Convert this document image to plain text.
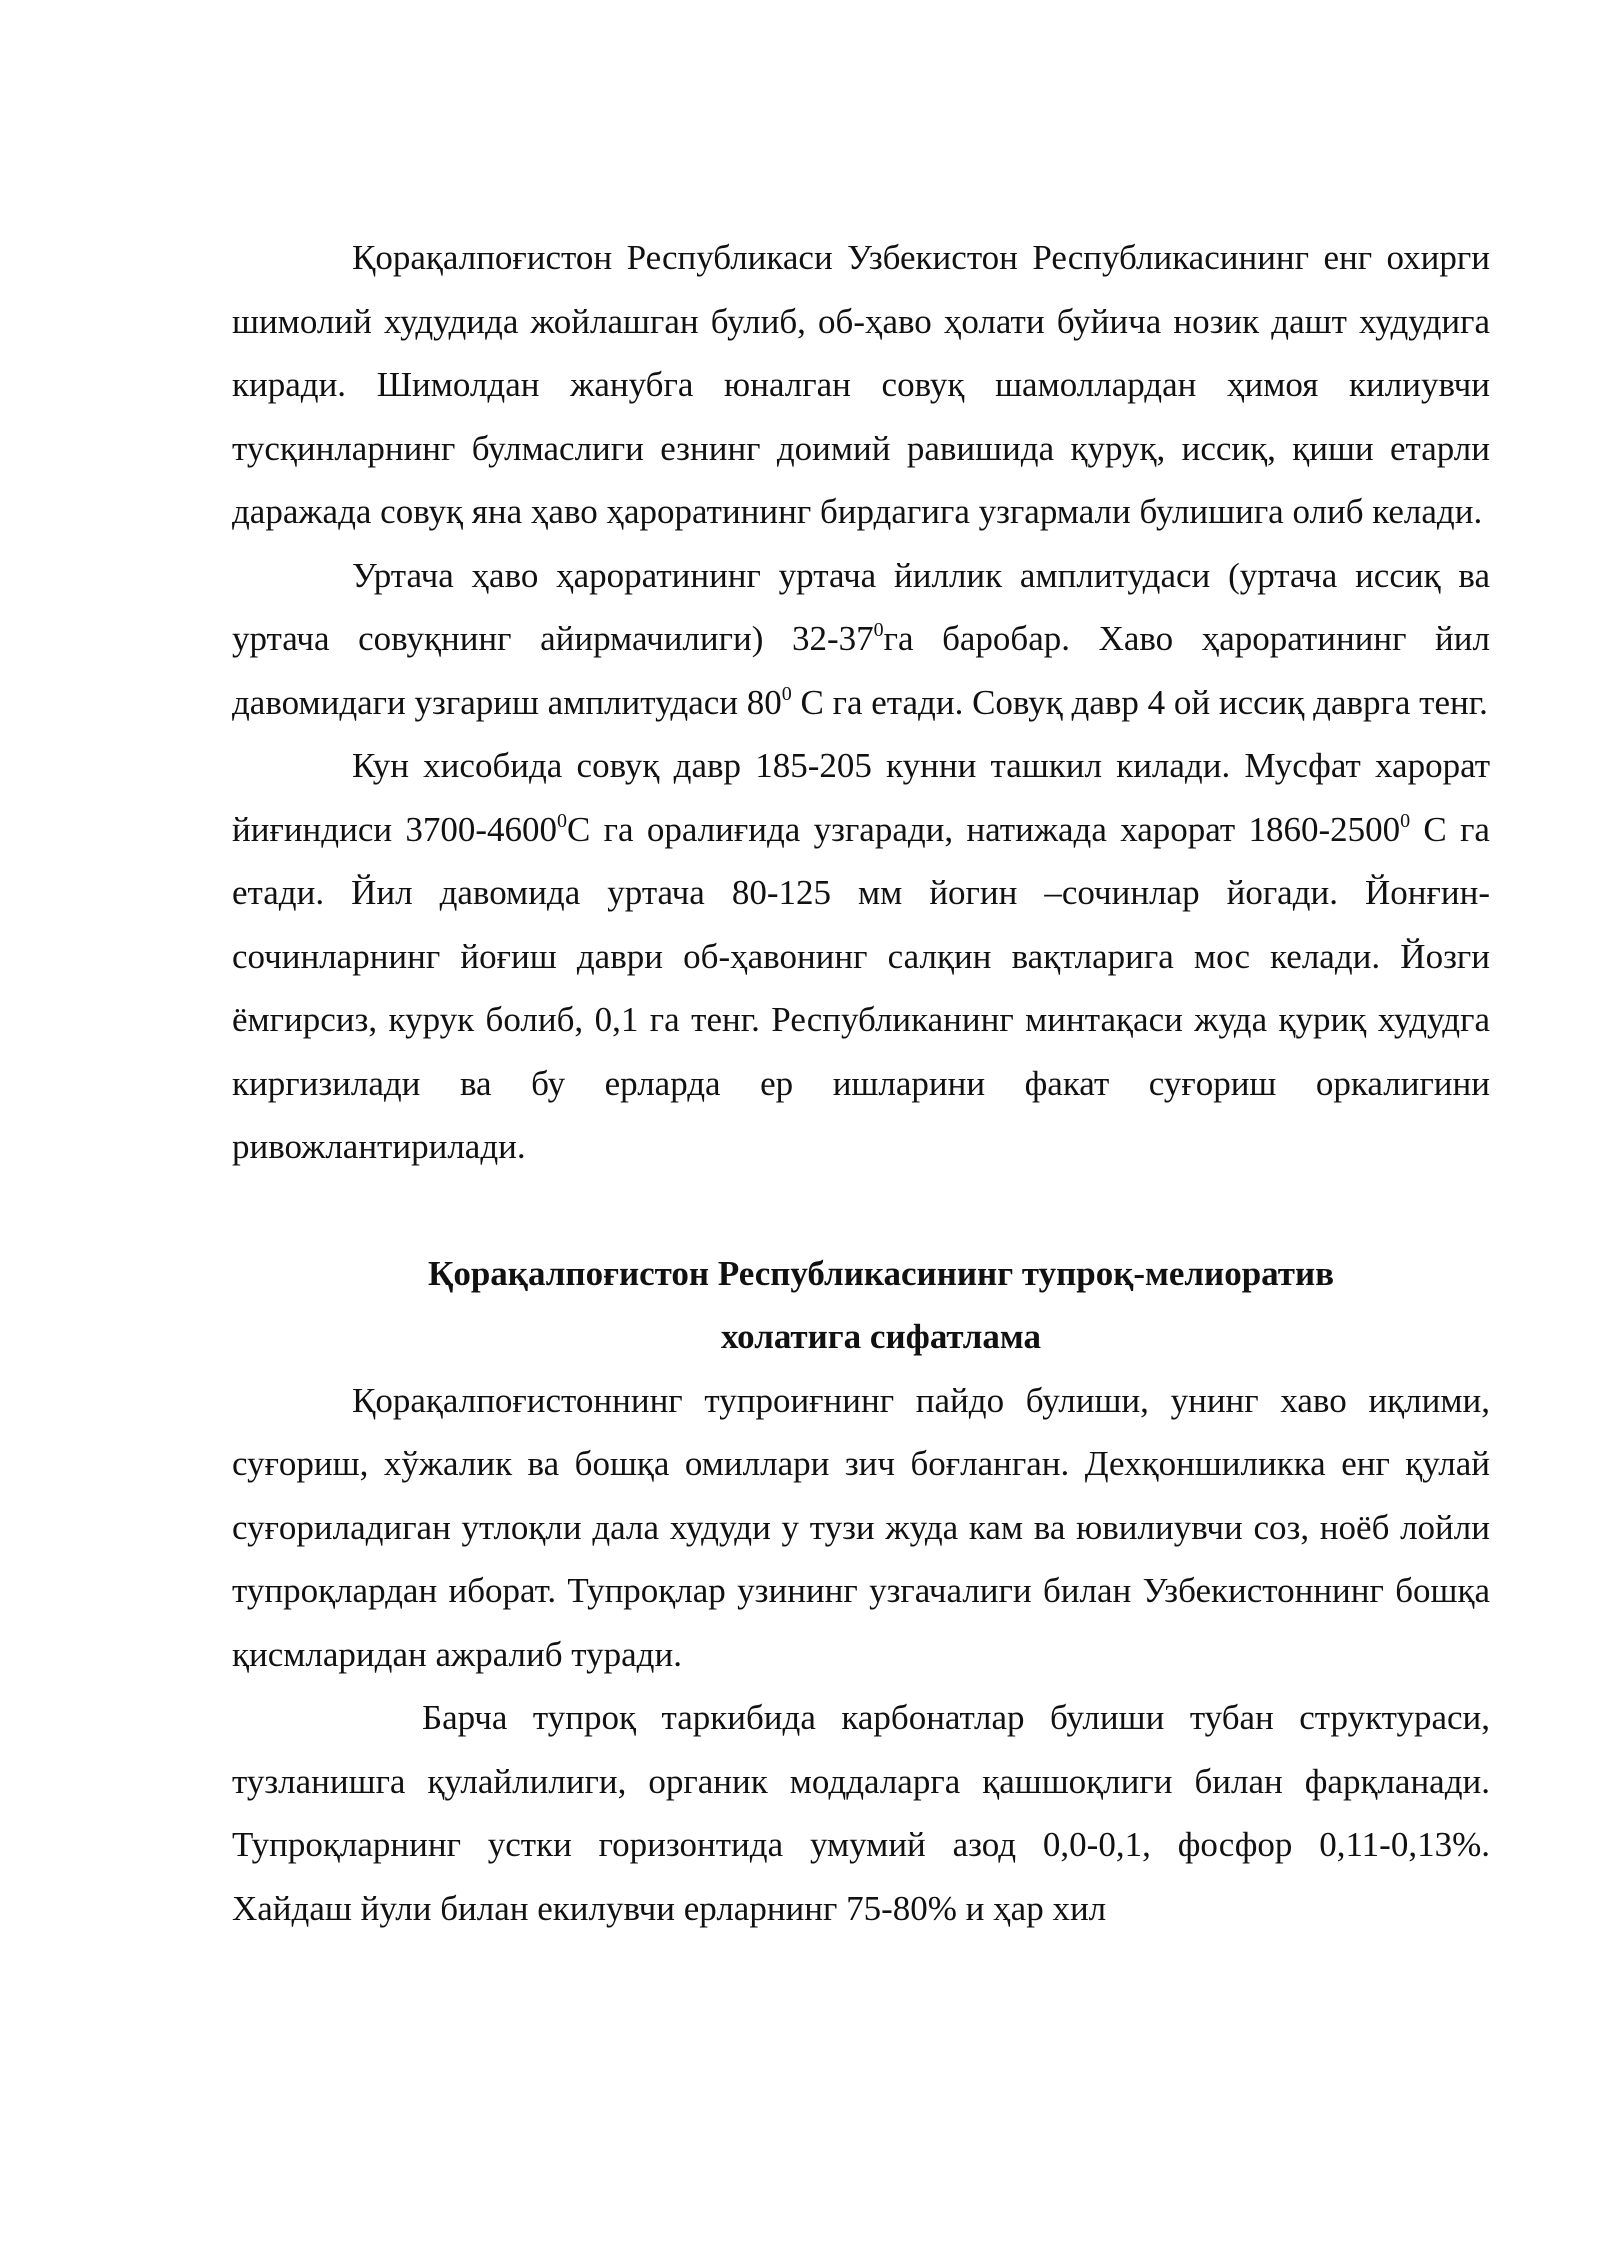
Қорақалпоғистон Республикаси Узбекистон Республикасининг енг охирги шимолий худудида жойлашган булиб, об-ҳаво ҳолати буйича нозик дашт худудига киради. Шимолдан жанубга юналган совуқ шамоллардан ҳимоя килиувчи тусқинларнинг булмаслиги езнинг доимий равишида қуруқ, иссиқ, қиши етарли даражада совуқ яна ҳаво ҳароратининг бирдагига узгармали булишига олиб келади.

Уртача ҳаво ҳароратининг уртача йиллик амплитудаси (уртача иссиқ ва уртача совуқнинг айирмачилиги) $32-37^0га$ баробар. Хаво ҳароратининг йил давомидаги узгариш амплитудаси $80^0$ С га етади. Совуқ давр 4 ой иссиқ даврга тенг.

Кун хисобида совуқ давр 185-205 кунни ташкил килади. Мусфат харорат йиғиндиси 3700-4600$^0$С га оралиғида узгаради, натижада харорат 1860-2500$^0$ С га етади. Йил давомида уртача 80-125 мм йогин –сочинлар йогади. Йонғин-сочинларнинг йоғиш даври об-ҳавонинг салқин вақтларига мос келади. Йозги ёмгирсиз, курук болиб, 0,1 га тенг. Республиканинг минтақаси жуда қуриқ худудга киргизилади ва бу ерларда ер ишларини факат суғориш оркалигини ривожлантирилади.

Қорақалпоғистон Республикасининг тупроқ-мелиоратив
холатига сифатлама

Қорақалпоғистоннинг тупроиғнинг пайдо булиши, унинг хаво иқлими, суғориш, хўжалик ва бошқа омиллари зич боғланган. Дехқоншиликка енг қулай суғориладиган утлоқли дала худуди у тузи жуда кам ва ювилиувчи соз, ноёб лойли тупроқлардан иборат. Тупроқлар узининг узгачалиги билан Узбекистоннинг бошқа қисмларидан ажралиб туради.

Барча тупроқ таркибида карбонатлар булиши тубан структураси, тузланишга қулайлилиги, органик моддаларга қашшоқлиги билан фарқланади. Тупроқларнинг устки горизонтида умумий азод 0,0-0,1, фосфор 0,11-0,13%. Хайдаш йули билан екилувчи ерларнинг 75-80% и ҳар хил
